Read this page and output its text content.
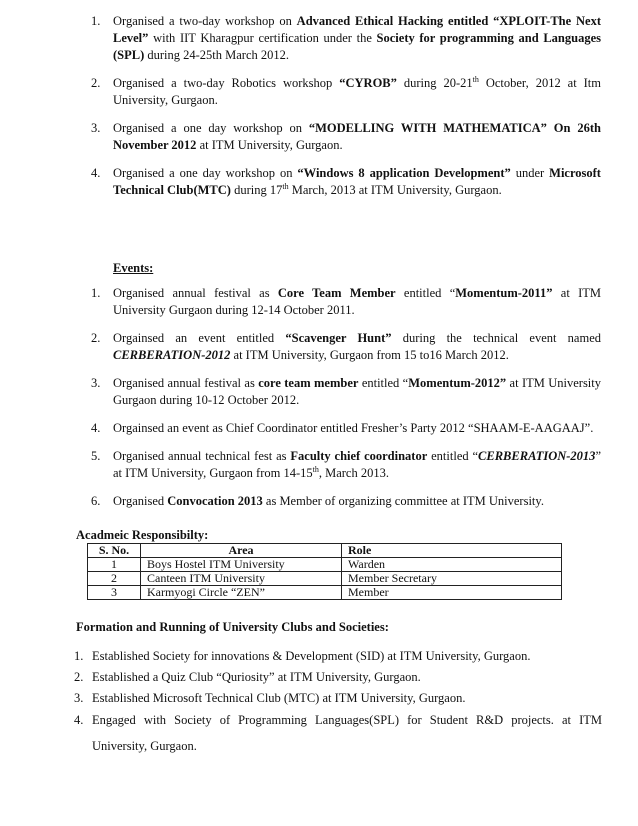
1. Organised a two-day workshop on Advanced Ethical Hacking entitled “XPLOIT-The Next Level” with IIT Kharagpur certification under the Society for programming and Languages (SPL) during 24-25th March 2012.
2. Organised a two-day Robotics workshop “CYROB” during 20-21th October, 2012 at Itm University, Gurgaon.
3. Organised a one day workshop on “MODELLING WITH MATHEMATICA” On 26th November 2012 at ITM University, Gurgaon.
4. Organised a one day workshop on “Windows 8 application Development” under Microsoft Technical Club(MTC) during 17th March, 2013 at ITM University, Gurgaon.
Events:
1. Organised annual festival as Core Team Member entitled “Momentum-2011” at ITM University Gurgaon during 12-14 October 2011.
2. Orgainsed an event entitled “Scavenger Hunt” during the technical event named CERBERATION-2012 at ITM University, Gurgaon from 15 to16 March 2012.
3. Organised annual festival as core team member entitled “Momentum-2012” at ITM University Gurgaon during 10-12 October 2012.
4. Orgainsed an event as Chief Coordinator entitled Fresher’s Party 2012 “SHAAM-E-AAGAAJ”.
5. Organised annual technical fest as Faculty chief coordinator entitled “CERBERATION-2013” at ITM University, Gurgaon from 14-15th, March 2013.
6. Organised Convocation 2013 as Member of organizing committee at ITM University.
Acadmeic Responsibilty:
S. No.	Area	Role
1	Boys Hostel ITM University	Warden
2	Canteen ITM University	Member Secretary
3	Karmyogi Circle “ZEN”	Member
Formation and Running of University Clubs and Societies:
1. Established Society for innovations & Development (SID) at ITM University, Gurgaon.
2. Established a Quiz Club “Quriosity” at ITM University, Gurgaon.
3. Established Microsoft Technical Club (MTC) at ITM University, Gurgaon.
4. Engaged with Society of Programming Languages(SPL) for Student R&D projects. at ITM University, Gurgaon.
